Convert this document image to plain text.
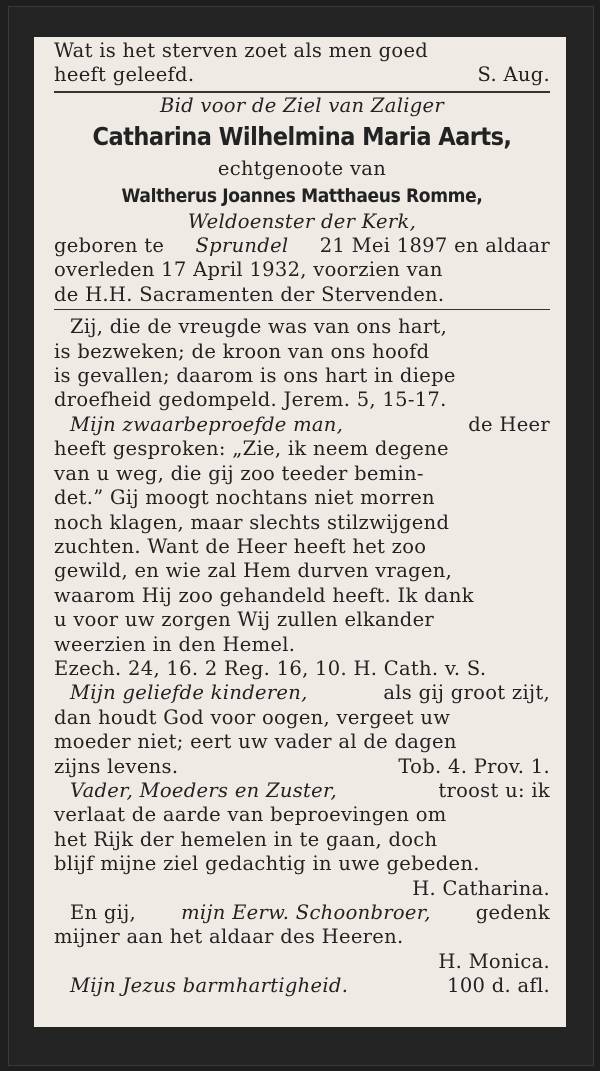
Wat is het sterven zoet als men goed
heeft geleefd.	S. Aug.
Bid voor de Ziel van Zaliger
Catharina Wilhelmina Maria Aarts,
echtgenoote van
Waltherus Joannes Matthaeus Romme,
Weldoenster der Kerk,
geboren te Sprundel 21 Mei 1897 en aldaar
overleden 17 April 1932, voorzien van
de H.H. Sacramenten der Stervenden.
Zij, die de vreugde was van ons hart,
is bezweken; de kroon van ons hoofd
is gevallen; daarom is ons hart in diepe
droefheid gedompeld. Jerem. 5, 15-17.
Mijn zwaarbeproefde man,	de Heer
heeft gesproken: „Zie, ik neem degene
van u weg, die gij zoo teeder bemin-
det.” Gij moogt nochtans niet morren
noch klagen, maar slechts stilzwijgend
zuchten. Want de Heer heeft het zoo
gewild, en wie zal Hem durven vragen,
waarom Hij zoo gehandeld heeft. Ik dank
u voor uw zorgen Wij zullen elkander
weerzien in den Hemel.
Ezech. 24, 16. 2 Reg. 16, 10. H. Cath. v. S.
Mijn geliefde kinderen,	als gij groot zijt,
dan houdt God voor oogen, vergeet uw
moeder niet; eert uw vader al de dagen
zijns levens.	Tob. 4. Prov. 1.
Vader, Moeders en Zuster,	troost u: ik
verlaat de aarde van beproevingen om
het Rijk der hemelen in te gaan, doch
blijf mijne ziel gedachtig in uwe gebeden.
H. Catharina.
En gij, mijn Eerw. Schoonbroer, gedenk
mijner aan het aldaar des Heeren.
H. Monica.
Mijn Jezus barmhartigheid.	100 d. afl.
